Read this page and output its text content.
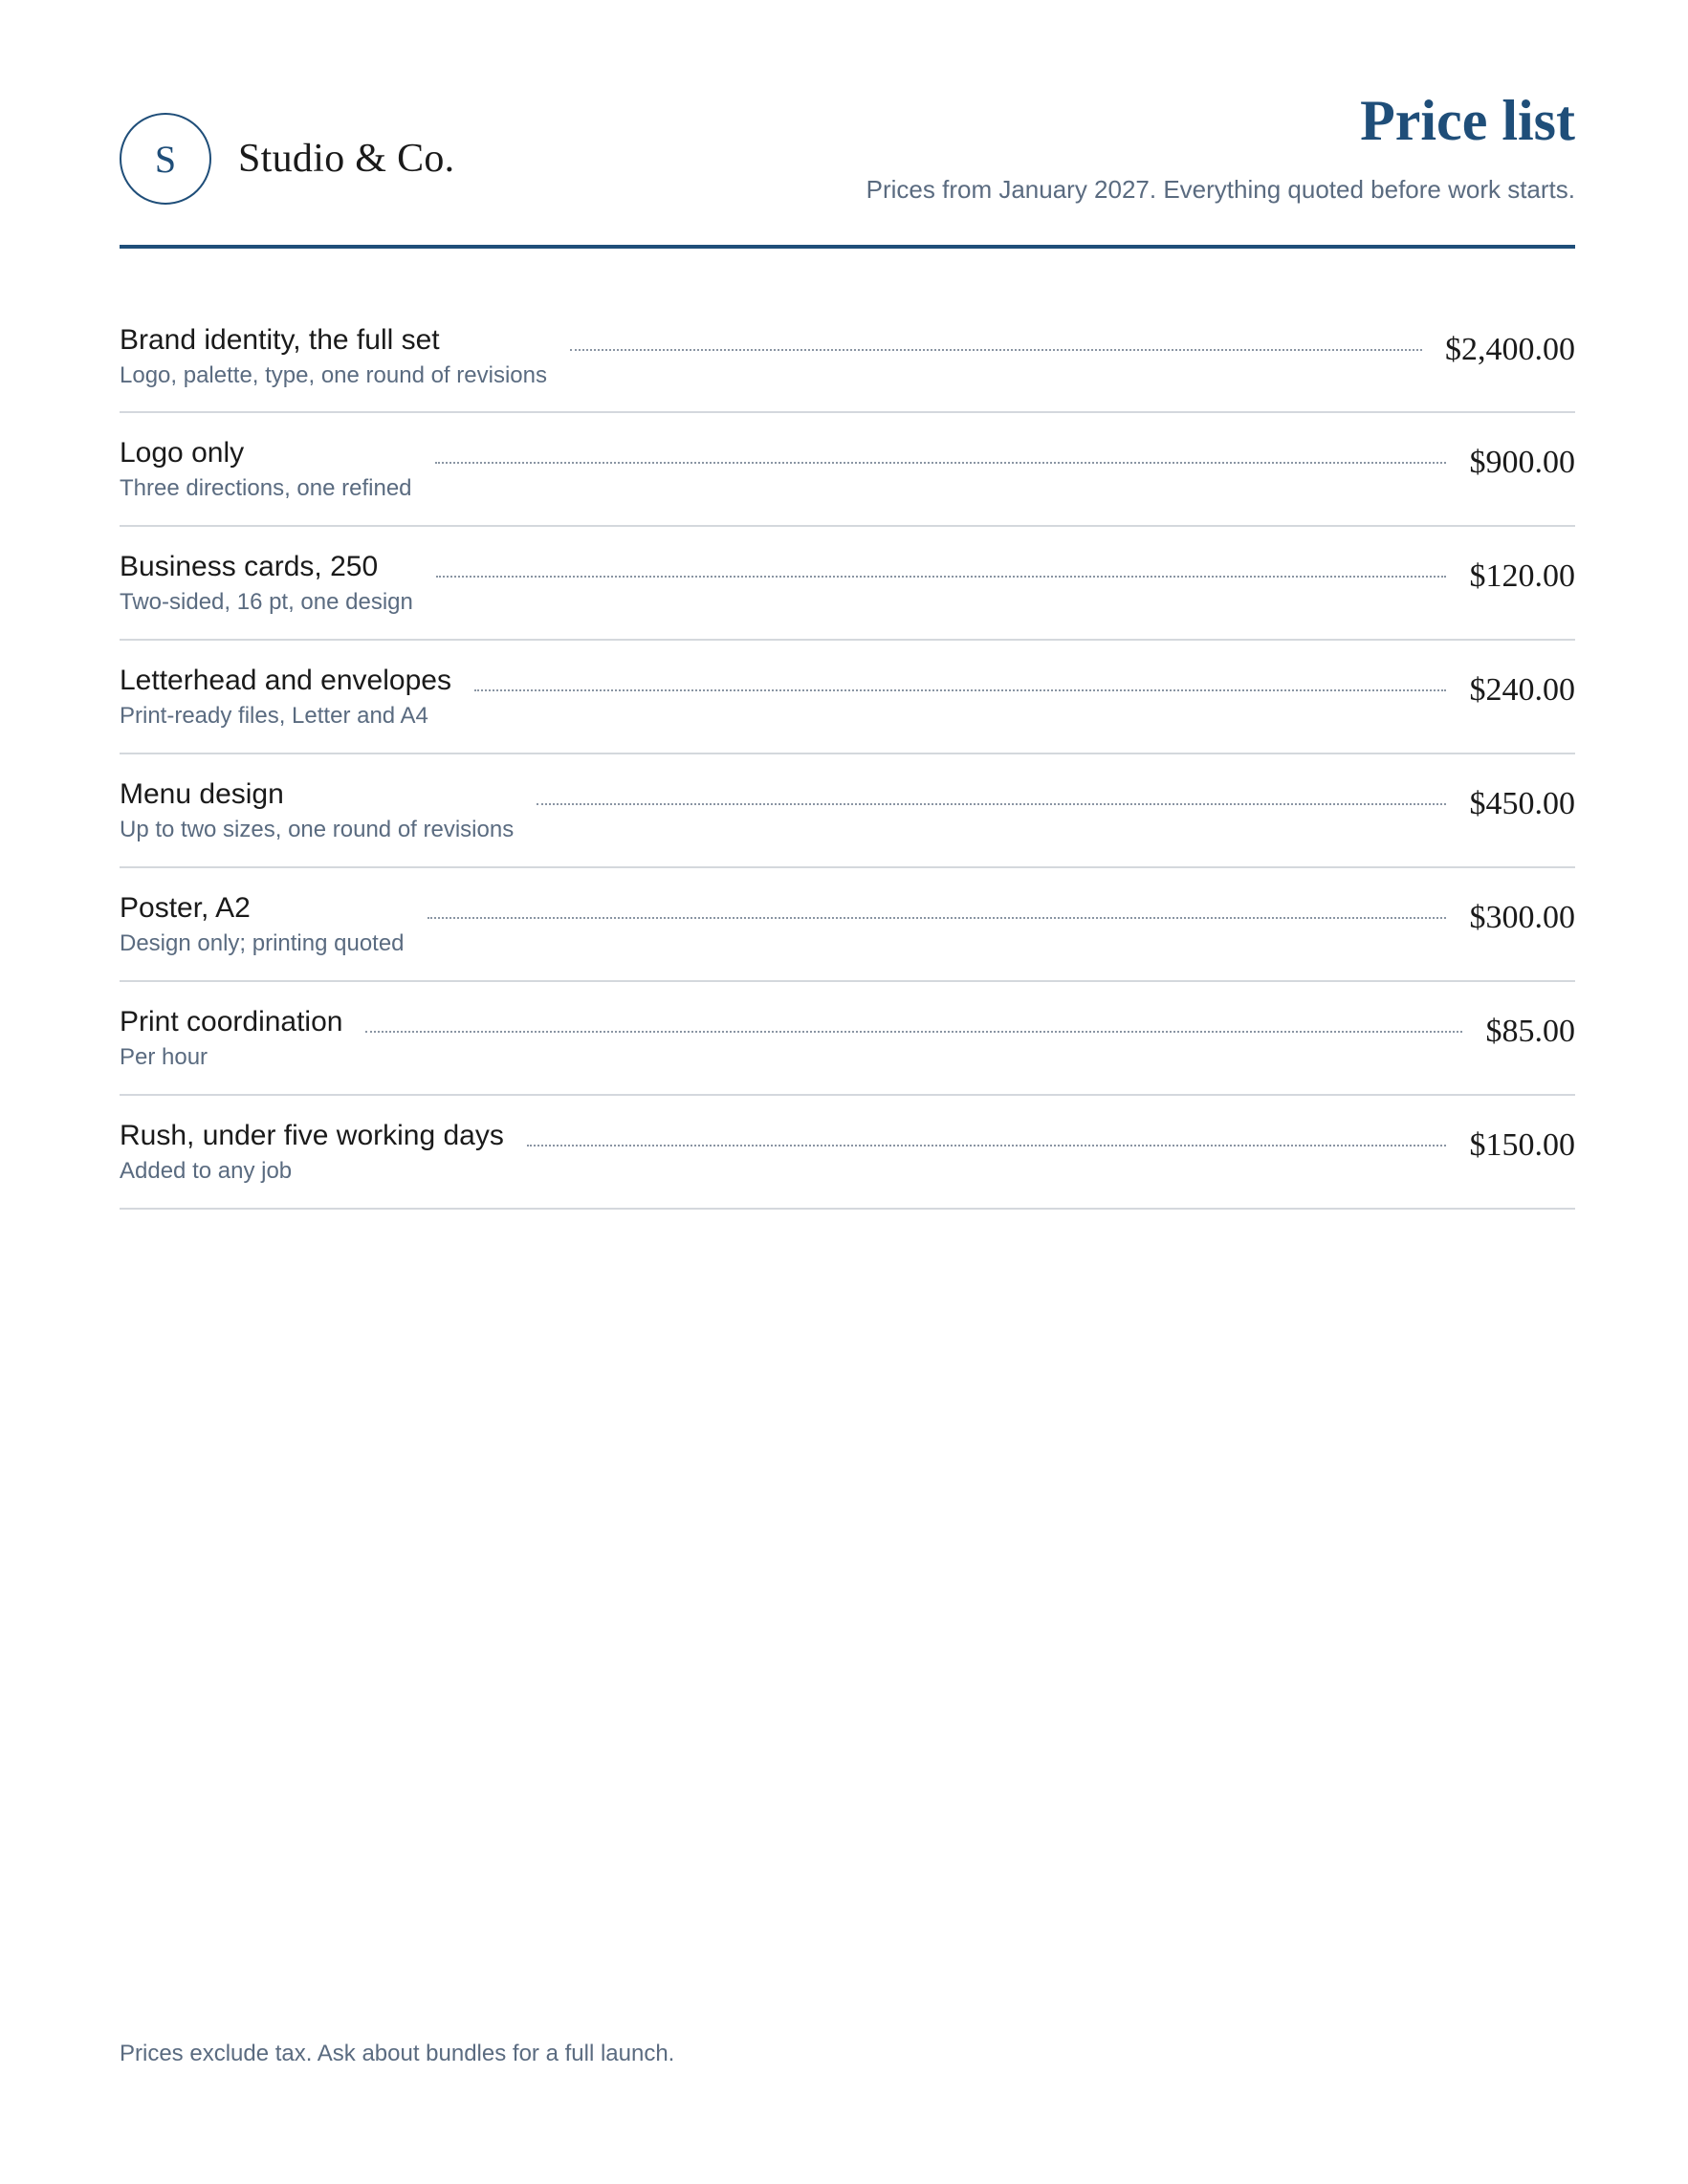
S	Studio & Co.
Price list
Prices from January 2027. Everything quoted before work starts.
Brand identity, the full set
Logo, palette, type, one round of revisions
$2,400.00
Logo only
Three directions, one refined
$900.00
Business cards, 250
Two-sided, 16 pt, one design
$120.00
Letterhead and envelopes
Print-ready files, Letter and A4
$240.00
Menu design
Up to two sizes, one round of revisions
$450.00
Poster, A2
Design only; printing quoted
$300.00
Print coordination
Per hour
$85.00
Rush, under five working days
Added to any job
$150.00
Prices exclude tax. Ask about bundles for a full launch.
